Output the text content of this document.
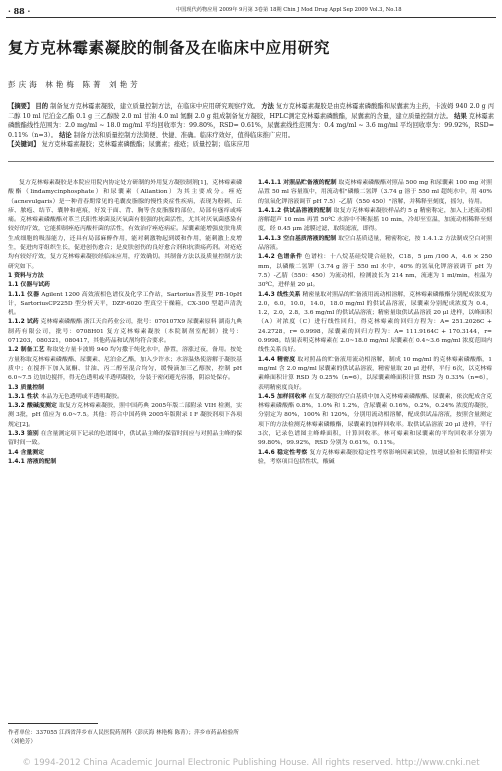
· 88 ·	中国现代药物应用 2009年 9月第 3卷第 18期 Chin J Mod Drug Appl Sep 2009 Vol.3, No.18
复方克林霉素凝胶的制备及在临床中应用研究
彭庆海 林艳梅 陈菁 刘艳芳

【摘要】 目的 制备复方克林霉素凝胶，建立质量控制方法，在临床中应用研究观察疗效。 方法 复方克林霉素凝胶是由克林霉素磷酸酯和尿囊素为主药，卡波姆 940 2.0 g 丙二醇 10 ml 尼泊金乙酯 0.1 g 三乙醇胺 2.0 ml 甘油 4.0 ml 氮酮 2.0 g 组成制备复方凝胶，HPLC测定克林霉素磷酸酯，尿囊素的含量，建立质量控制方法。 结果 克林霉素磷酸酯线性范围为：2.0 mg/ml ~ 18.0 mg/ml 平均回收率为：99.80%，RSD= 0.61%，尿囊素线性范围为：0.4 mg/ml ~ 3.6 mg/ml 平均回收率为：99.92%，RSD= 0.11%（n=3）。 结论 制备方法和质量控制方法简便、快捷、准确。临床疗效好，值得临床推广应用。

【关键词】 复方克林霉素凝胶；克林霉素磷酸酯；尿囊素；痤疮；质量控制；临床应用

复方克林霉素凝胶是本院应用院内协定处方研制的外用复方凝胶制剂[1]，克林霉素磷酸酯（lindamycinphosphate）和尿囊素（Allantion）为其主要成分。痤疮（acnevulgaris）是一种青春期常见的毛囊皮脂腺的慢性炎症性疾病，表现为粉刺、丘疹、脓疱、结节、囊肿和疤痕，好发于面、背、胸等含皮脂腺的部位，局部有瘙痒或疼痛。克林霉素磷酸酯对革兰氏阳性球菌及厌氧菌有很强的抗菌活性，尤其对厌氧菌感染有较好的疗效，它能抑制痤疮丙酸杆菌的活性，有效治疗痤疮病症。尿囊素能增强皮肤角质生成细胞的吸湿能力，还具有局部麻醉作用，能对刺激物起到缓和作用，能刺激上皮增生，促进肉芽组织生长，促进创伤愈合；是皮肤创伤的良好愈合剂和抗溃疡药剂。对疮疮均有较好疗效，复方克林霉素凝胶经临床应用，疗效确切。其制备方法以及质量控制方法研究如下。

1 资料与方法

1.1 仪器与试药

1.1.1 仪器 Agilent 1200 高效液相色谱仪及化学工作站，Sartorius普及型 PB-10pH 计，SartoriusCP225D 型分析天平，DZF-6020 型真空干燥箱，CX-300 型超声清洗机。

1.1.2 试药 克林霉素磷酸酯 浙江天台药业公司，批号：070107X9 尿囊素原料 湖南九典制药有限公司，批号：0708H01 复方克林霉素凝胶（本院制剂室配制）批号：071203，080321，080417，其他药品和试剂均符合要求。

1.2 制备工艺 称取处方量卡波姆 940 均匀撒于纯化水中，静置，溶涨过夜，备用。按处方量称取克林霉素磷酸酯、尿囊素、尼泊金乙酯，加入少许水；水溶温热使溶解于凝胶基质中；在搅拌下加入氮酮、甘油、丙二醇至混合均匀，缓慢滴加三乙醇胺，控制 pH 6.0~7.5 边加边搅拌，得无色透明或半透明凝胶，分装于密闭避光容器，阴凉处保存。

1.3 质量控制

1.3.1 性状 本品为无色透明或半透明凝胶。

1.3.2 酸碱度测定 取复方克林霉素凝胶，照中国药典 2005年版二部附录 VIH 检测，实测 3批，pH 值应为 6.0~7.5。其他：符合中国药典 2005年版附录 I F 凝胶剂项下各项规定[2]。

1.3.3 鉴别 在含量测定项下记录的色谱图中，供试品主峰的保留时间应与对照品主峰的保留时间一致。

1.4 含量测定

1.4.1 溶液的配制

作者单位：337055 江西省萍乡市人民医院药剂科（彭庆海 林艳梅 陈菁）；萍乡市药品检验所（刘艳芳）

1.4.1.1 对照品贮备液的配制 取克林霉素磷酸酯对照品 500 mg 和尿囊素 100 mg 对照品置 50 ml 容量瓶中，用流动相"磷酸二氢钾（3.74 g 溶于 550 ml 超纯水中，用 40% 的氢氧化钾溶液调节 pH 7.5）-乙腈（550 450）"溶解，并稀释至刻度，摇匀，待用。

1.4.1.2 供试品溶液的配制 取复方克林霉素凝胶样品约 5 g 精密称定，加入上述流动相溶解超声 10 min 再置 50℃ 水浴中不断振摇 10 min，冷却至室温，加流动相稀释至刻度，经 0.45 μm 滤膜过滤，取续滤液，即得。

1.4.1.3 空白基质溶液的配制 取空白基质适量，精密称定，按 1.4.1.2 方法制成空白对照品溶液。

1.4.2 色谱条件 色谱柱：十八烷基硅烷键合硅胶，C18，5 μm /100 A，4.6 × 250 mm，以磷酸二氢钾（3.74 g 溶于 550 ml 水中，40% 的氢氧化钾溶液调节 pH 为 7.5）-乙腈（550：450）为流动相，检测波长为 214 nm，流速为 1 ml/min，柱温为 30℃，进样量 20 μl。

1.4.3 线性关系 精密量取对照品的贮备液用流动相溶解，克林霉素磷酸酯分别配成浓度为 2.0，6.0，10.0，14.0，18.0 mg/ml 的供试品溶液，尿囊素分别配成浓度为 0.4，1.2，2.0，2.8，3.6 mg/ml 的供试品溶液；精密量取供试品溶液 20 μl 进样，以峰面积（A）对浓度（C）进行线性回归，得克林霉素的回归方程为：A= 251.2026C + 24.2728，r= 0.9998，尿囊素的回归方程为：A= 111.9164C + 170.3144，r= 0.9998。结果表明克林霉素在 2.0~18.0 mg/ml 尿囊素在 0.4~3.6 mg/ml 浓度范围内线性关系良好。

1.4.4 精密度 取对照品的贮备液用流动相溶解，制成 10 mg/ml 的克林霉素磷酸酯，1 mg/ml 含 2.0 mg/ml 尿囊素的供试品溶液，精密量取 20 μl 进样，平行 6次，以克林霉素峰面积计算 RSD 为 0.25%（n=6），以尿囊素峰面积计算 RSD 为 0.33%（n=6），表明精密度良好。

1.4.5 加样回收率 在复方凝胶的空白基质中加入克林霉素磷酸酯、尿囊素，依次配成含克林霉素磷酸酯 0.8%，1.0% 和 1.2%，含尿囊素 0.16%，0.2%，0.24% 浓度的凝胶，分别定为 80%，100% 和 120%，分别用流动相溶解，配成供试品溶液，按照含量测定项下的方法检测克林霉素磷酸酯，尿囊素的加样回收率。取供试品溶液 20 μl 进样，平行 3次，记录色谱图主峰峰面积，计算回收率。林可霉素和尿囊素的平均回收率分别为 99.80%，99.92%，RSD 分别为 0.61%，0.11%。

1.4.6 稳定性考察 复方克林霉素凝胶稳定性考察影响因素试验，加速试验和长期留样实验，考察项目包括性状，酸碱

© 1994-2012 China Academic Journal Electronic Publishing House. All rights reserved. http://www.cnki.net
